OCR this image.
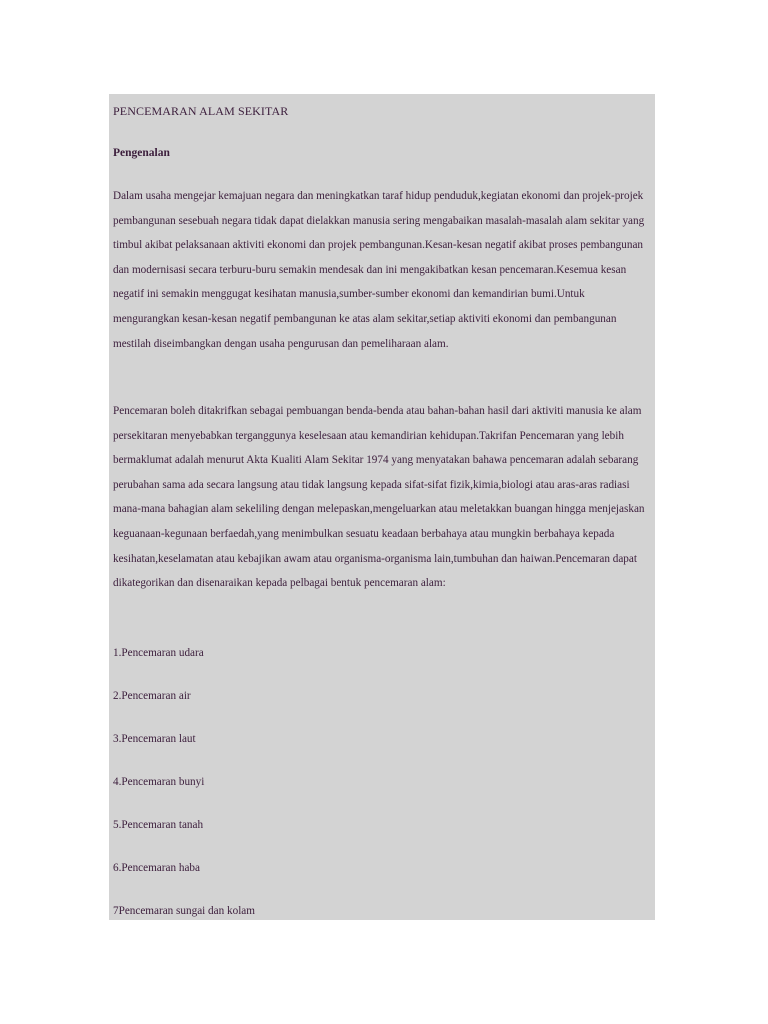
PENCEMARAN ALAM SEKITAR
Pengenalan

Dalam usaha mengejar kemajuan negara dan meningkatkan taraf hidup penduduk,kegiatan ekonomi dan projek-projek pembangunan sesebuah negara tidak dapat dielakkan manusia sering mengabaikan masalah-masalah alam sekitar yang timbul akibat pelaksanaan aktiviti ekonomi dan projek pembangunan.Kesan-kesan negatif akibat proses pembangunan dan modernisasi secara terburu-buru semakin mendesak dan ini mengakibatkan kesan pencemaran.Kesemua kesan negatif ini semakin menggugat kesihatan manusia,sumber-sumber ekonomi dan kemandirian bumi.Untuk mengurangkan kesan-kesan negatif pembangunan ke atas alam sekitar,setiap aktiviti ekonomi dan pembangunan mestilah diseimbangkan dengan usaha pengurusan dan pemeliharaan alam.

Pencemaran boleh ditakrifkan sebagai pembuangan benda-benda atau bahan-bahan hasil dari aktiviti manusia ke alam persekitaran menyebabkan terganggunya keselesaan atau kemandirian kehidupan.Takrifan Pencemaran yang lebih bermaklumat adalah menurut Akta Kualiti Alam Sekitar 1974 yang menyatakan bahawa pencemaran adalah sebarang perubahan sama ada secara langsung atau tidak langsung kepada sifat-sifat fizik,kimia,biologi atau aras-aras radiasi mana-mana bahagian alam sekeliling dengan melepaskan,mengeluarkan atau meletakkan buangan hingga menjejaskan keguanaan-kegunaan berfaedah,yang menimbulkan sesuatu keadaan berbahaya atau mungkin berbahaya kepada kesihatan,keselamatan atau kebajikan awam atau organisma-organisma lain,tumbuhan dan haiwan.Pencemaran dapat dikategorikan dan disenaraikan kepada pelbagai bentuk pencemaran alam:

1.Pencemaran udara

2.Pencemaran air

3.Pencemaran laut

4.Pencemaran bunyi

5.Pencemaran tanah

6.Pencemaran haba

7Pencemaran sungai dan kolam
